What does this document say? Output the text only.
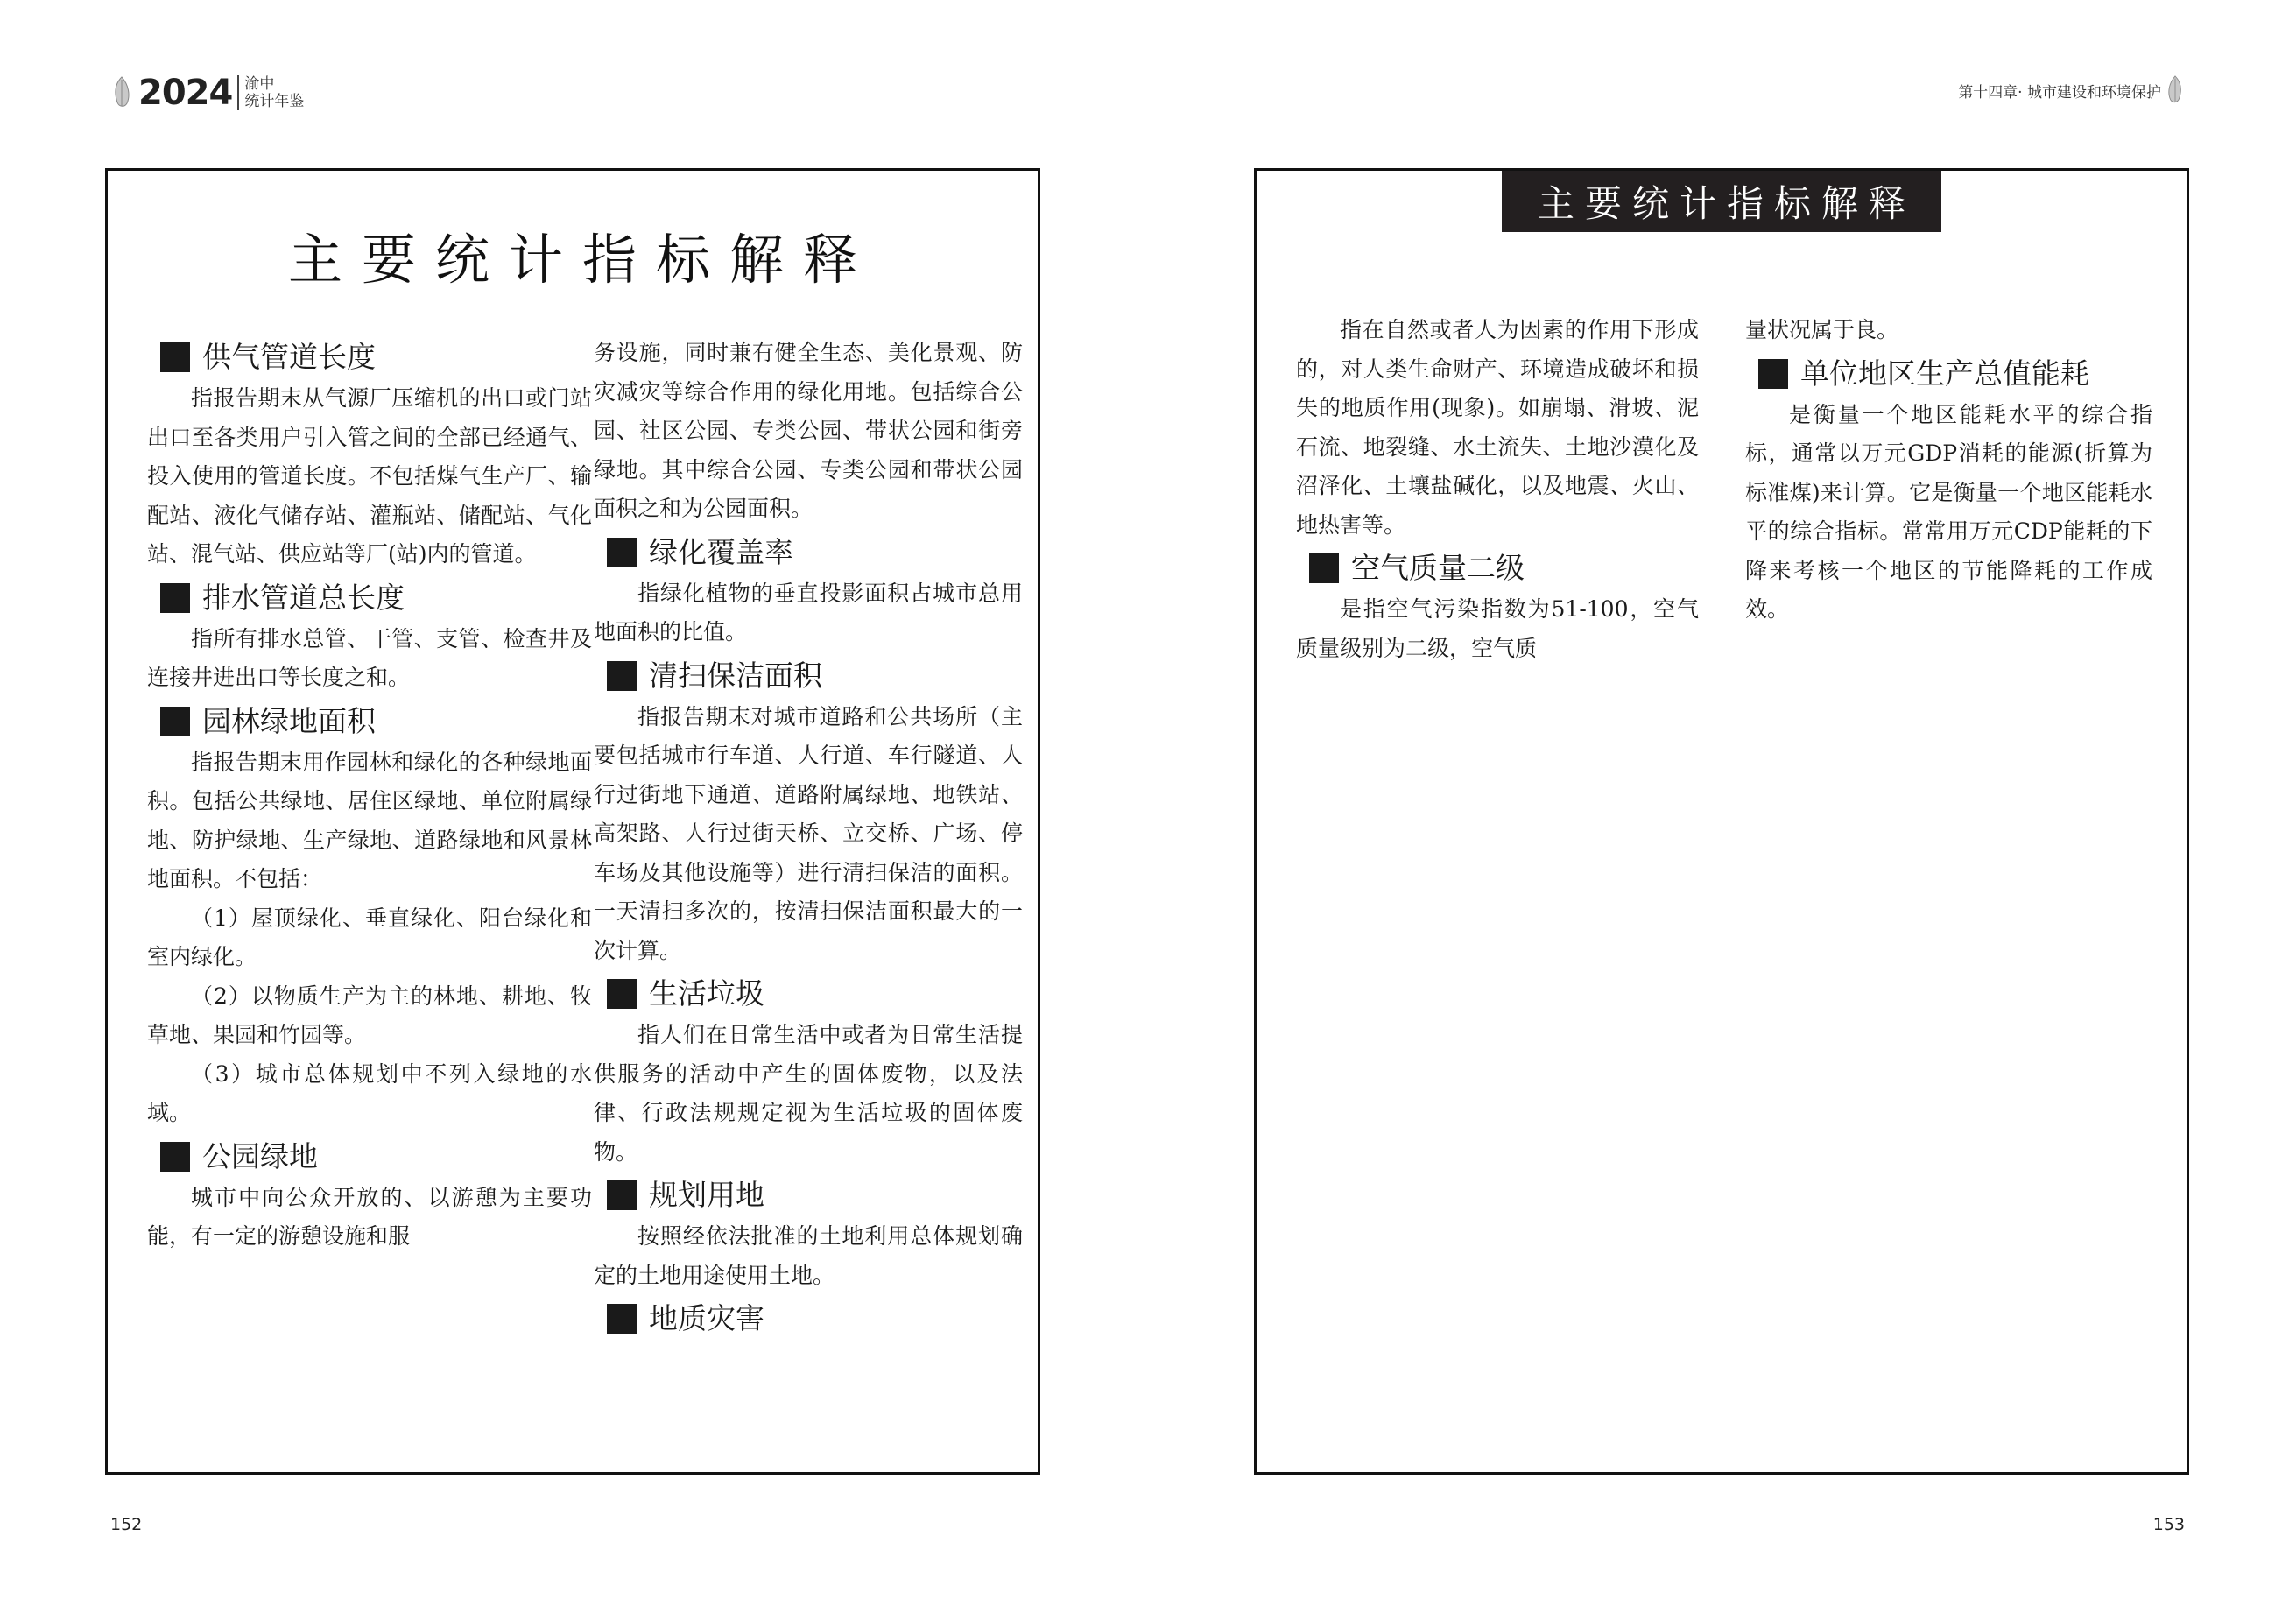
2024 渝中
统计年鉴
第十四章· 城市建设和环境保护
主要统计指标解释
供气管道长度

指报告期末从气源厂压缩机的出口或门站出口至各类用户引入管之间的全部已经通气、投入使用的管道长度。不包括煤气生产厂、输配站、液化气储存站、灌瓶站、储配站、气化站、混气站、供应站等厂(站)内的管道。

排水管道总长度

指所有排水总管、干管、支管、检查井及连接井进出口等长度之和。

园林绿地面积

指报告期末用作园林和绿化的各种绿地面积。包括公共绿地、居住区绿地、单位附属绿地、防护绿地、生产绿地、道路绿地和风景林地面积。不包括：

（1）屋顶绿化、垂直绿化、阳台绿化和室内绿化。

（2）以物质生产为主的林地、耕地、牧草地、果园和竹园等。

（3）城市总体规划中不列入绿地的水域。

公园绿地

城市中向公众开放的、以游憩为主要功能，有一定的游憩设施和服

务设施，同时兼有健全生态、美化景观、防灾减灾等综合作用的绿化用地。包括综合公园、社区公园、专类公园、带状公园和街旁绿地。其中综合公园、专类公园和带状公园面积之和为公园面积。

绿化覆盖率

指绿化植物的垂直投影面积占城市总用地面积的比值。

清扫保洁面积

指报告期末对城市道路和公共场所（主要包括城市行车道、人行道、车行隧道、人行过街地下通道、道路附属绿地、地铁站、高架路、人行过街天桥、立交桥、广场、停车场及其他设施等）进行清扫保洁的面积。一天清扫多次的，按清扫保洁面积最大的一次计算。

生活垃圾

指人们在日常生活中或者为日常生活提供服务的活动中产生的固体废物，以及法律、行政法规规定视为生活垃圾的固体废物。

规划用地

按照经依法批准的土地利用总体规划确定的土地用途使用土地。

地质灾害
主要统计指标解释

指在自然或者人为因素的作用下形成的，对人类生命财产、环境造成破坏和损失的地质作用(现象)。如崩塌、滑坡、泥石流、地裂缝、水土流失、土地沙漠化及沼泽化、土壤盐碱化，以及地震、火山、地热害等。

空气质量二级

是指空气污染指数为51-100，空气质量级别为二级，空气质

量状况属于良。

单位地区生产总值能耗

是衡量一个地区能耗水平的综合指标，通常以万元GDP消耗的能源(折算为标准煤)来计算。它是衡量一个地区能耗水平的综合指标。常常用万元CDP能耗的下降来考核一个地区的节能降耗的工作成效。

152	153
